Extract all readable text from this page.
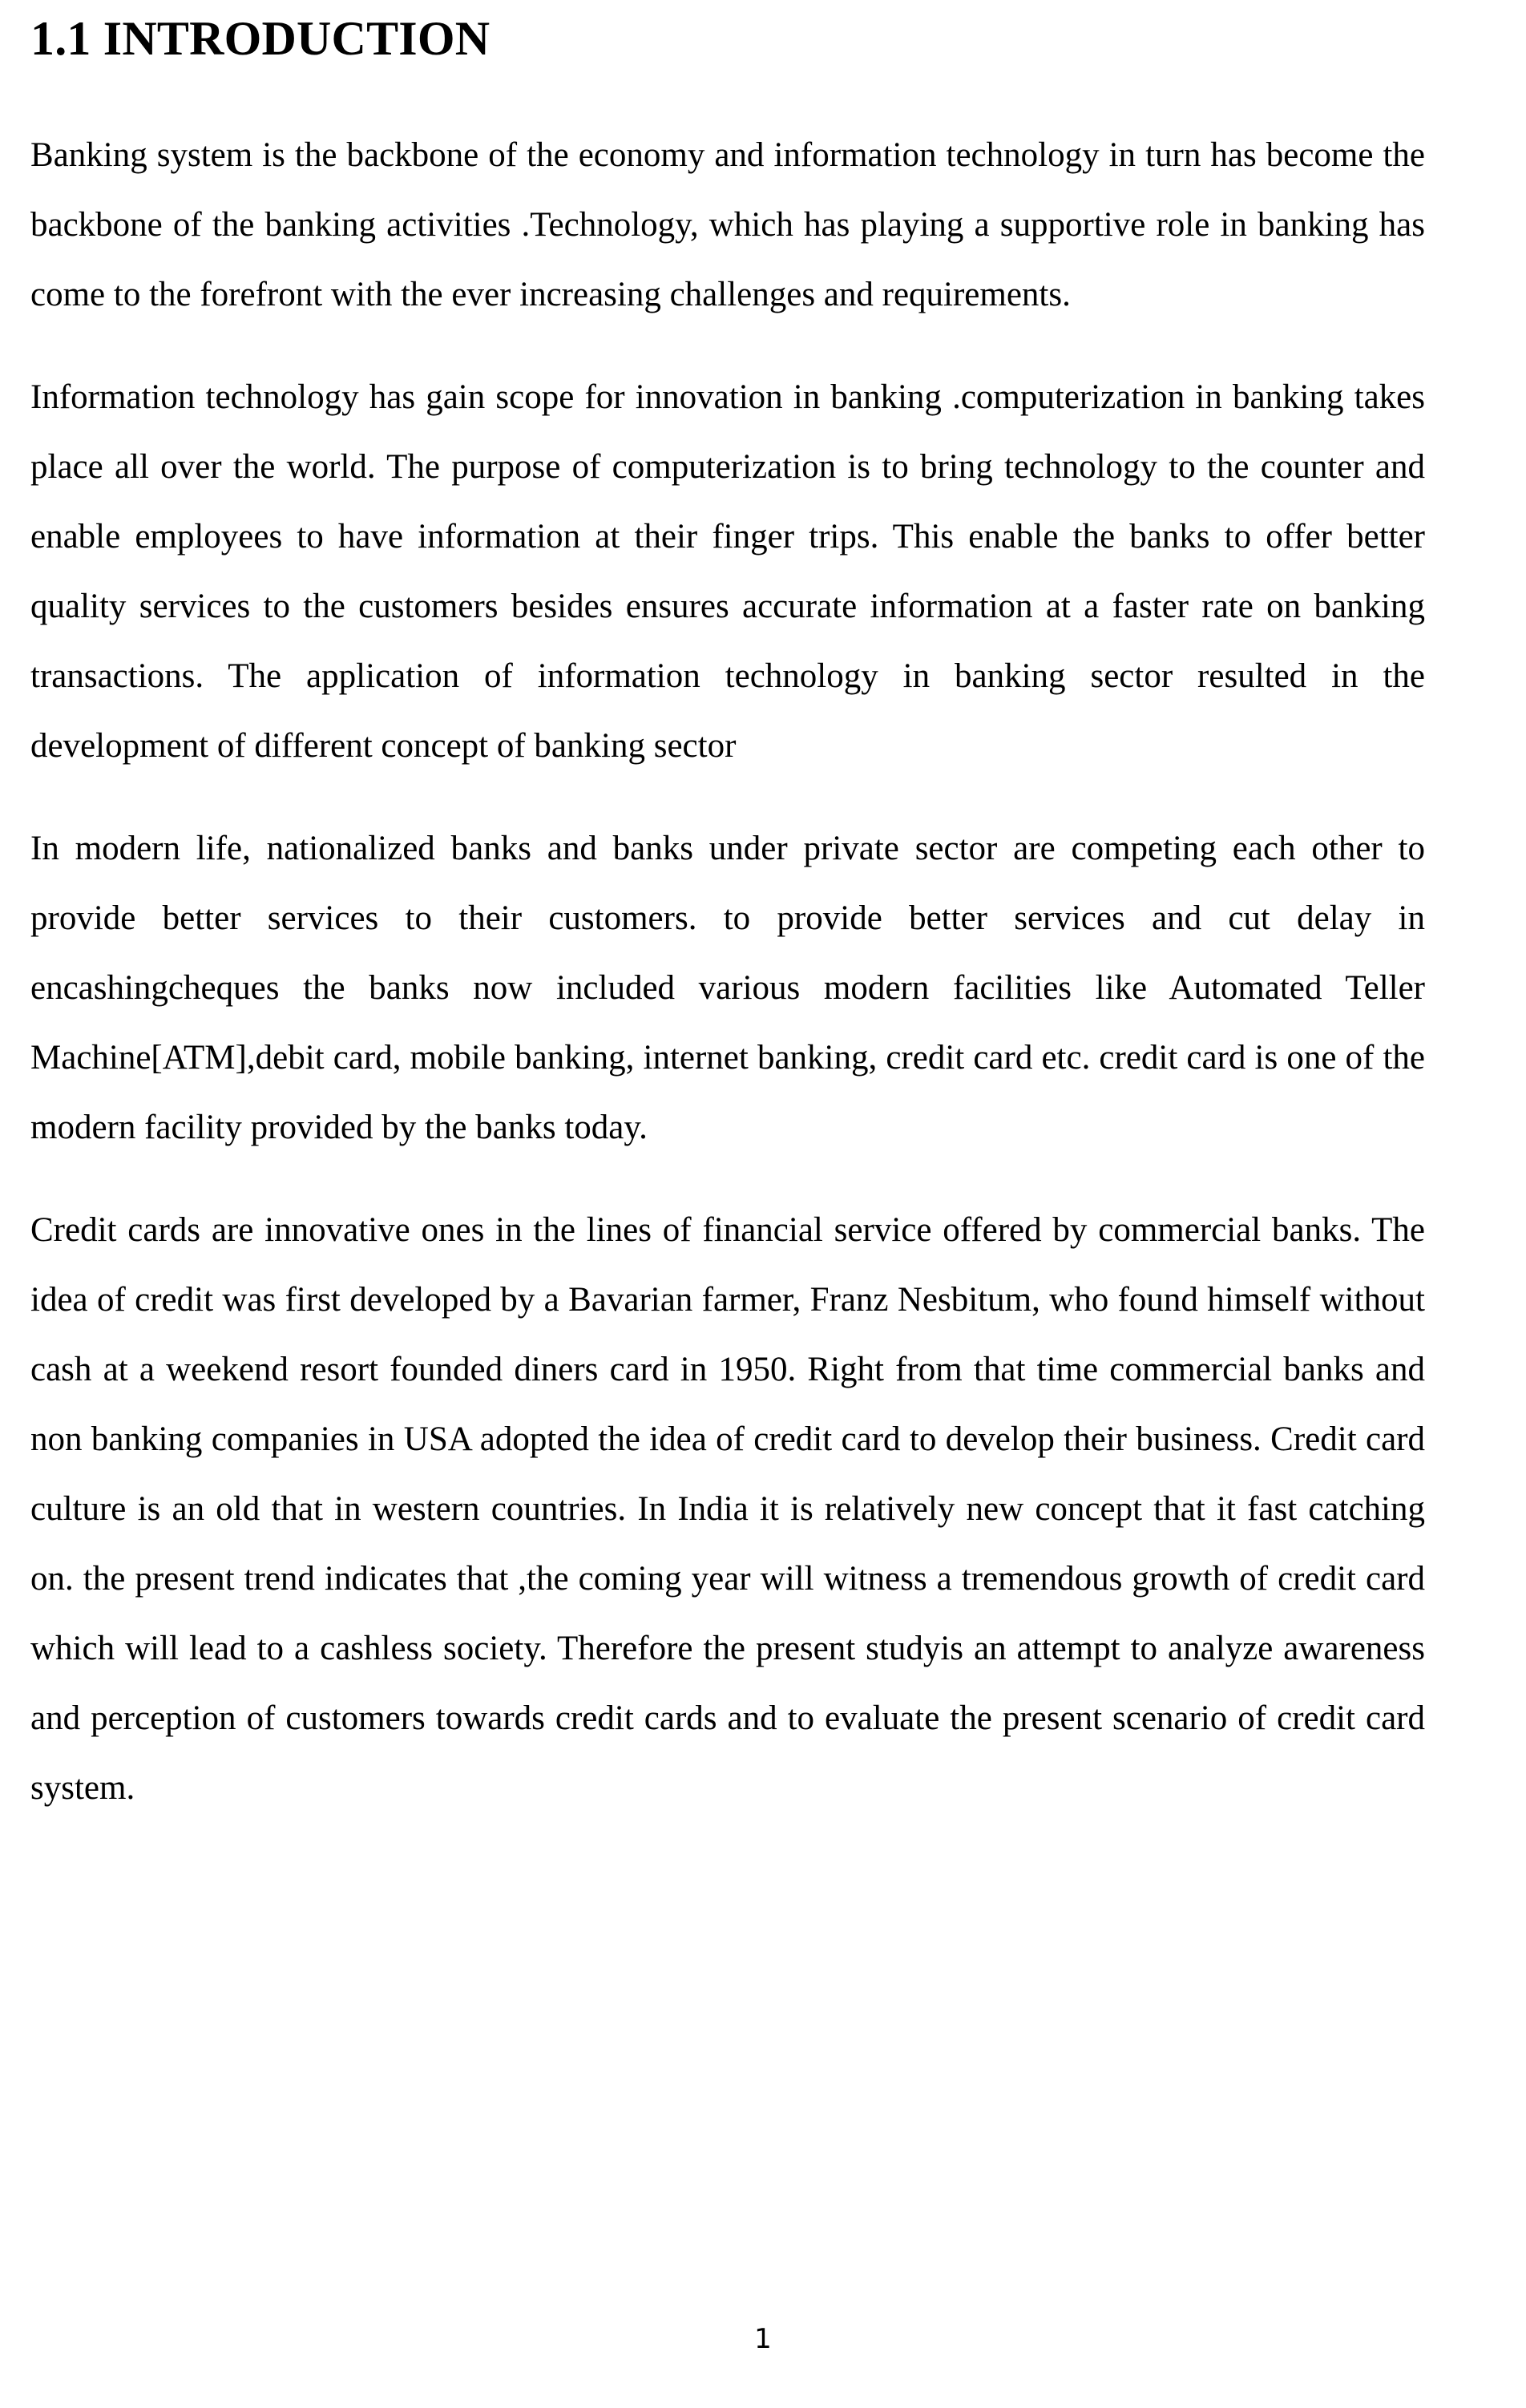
1.1 INTRODUCTION

Banking system is the backbone of the economy and information technology in turn has become the backbone of the banking activities .Technology, which has playing a supportive role in banking has come to the forefront with the ever increasing challenges and requirements.

Information technology has gain scope for innovation in banking .computerization in banking takes place all over the world. The purpose of computerization is to bring technology to the counter and enable employees to have information at their finger trips. This enable the banks to offer better quality services to the customers besides ensures accurate information at a faster rate on banking transactions. The application of information technology in banking sector resulted in the development of different concept of banking sector

In modern life, nationalized banks and banks under private sector are competing each other to provide better services to their customers. to provide better services and cut delay in encashingcheques the banks now included various modern facilities like Automated Teller Machine[ATM],debit card, mobile banking, internet banking, credit card etc. credit card is one of the modern facility provided by the banks today.

Credit cards are innovative ones in the lines of financial service offered by commercial banks. The idea of credit was first developed by a Bavarian farmer, Franz Nesbitum, who found himself without cash at a weekend resort founded diners card in 1950. Right from that time commercial banks and non banking companies in USA adopted the idea of credit card to develop their business. Credit card culture is an old that in western countries. In India it is relatively new concept that it fast catching on. the present trend indicates that ,the coming year will witness a tremendous growth of credit card which will lead to a cashless society. Therefore the present studyis an attempt to analyze awareness and perception of customers towards credit cards and to evaluate the present scenario of credit card system.

1
